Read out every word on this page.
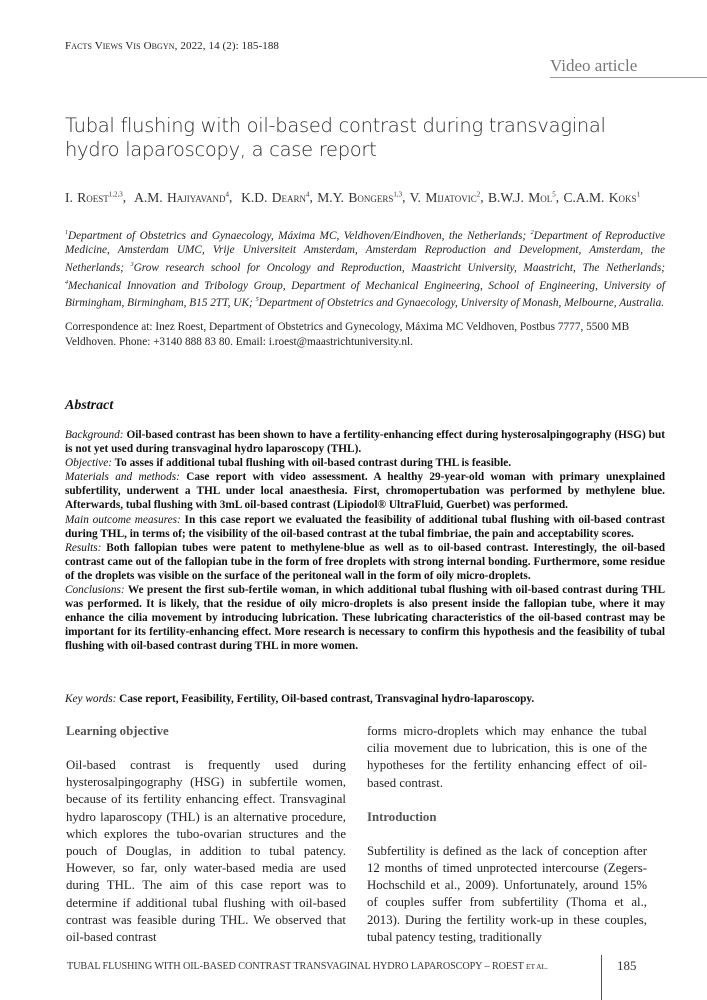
Facts Views Vis Obgyn, 2022, 14 (2): 185-188
Video article
Tubal flushing with oil-based contrast during transvaginal hydro laparoscopy, a case report
I. Roest$^{1,2,3}$,  A.M. Hajiyavand$^4$,  K.D. Dearn$^4$, M.Y. Bongers$^{1,3}$, V. Mijatovic$^2$, B.W.J. Mol$^5$, C.A.M. Koks$^1$
$^1$Department of Obstetrics and Gynaecology, Máxima MC, Veldhoven/Eindhoven, the Netherlands; $^2$Department of Reproductive Medicine, Amsterdam UMC, Vrije Universiteit Amsterdam, Amsterdam Reproduction and Development, Amsterdam, the Netherlands; $^3$Grow research school for Oncology and Reproduction, Maastricht University, Maastricht, The Netherlands; $^4$Mechanical Innovation and Tribology Group, Department of Mechanical Engineering, School of Engineering, University of Birmingham, Birmingham, B15 2TT, UK; $^5$Department of Obstetrics and Gynaecology, University of Monash, Melbourne, Australia.
Correspondence at: Inez Roest, Department of Obstetrics and Gynecology, Máxima MC Veldhoven, Postbus 7777, 5500 MB Veldhoven. Phone: +3140 888 83 80. Email: i.roest@maastrichtuniversity.nl.
Abstract

Background: Oil-based contrast has been shown to have a fertility-enhancing effect during hysterosalpingography (HSG) but is not yet used during transvaginal hydro laparoscopy (THL).

Objective: To asses if additional tubal flushing with oil-based contrast during THL is feasible.

Materials and methods: Case report with video assessment. A healthy 29-year-old woman with primary unexplained subfertility, underwent a THL under local anaesthesia. First, chromopertubation was performed by methylene blue. Afterwards, tubal flushing with 3mL oil-based contrast (Lipiodol® UltraFluid, Guerbet) was performed.

Main outcome measures: In this case report we evaluated the feasibility of additional tubal flushing with oil-based contrast during THL, in terms of; the visibility of the oil-based contrast at the tubal fimbriae, the pain and acceptability scores.

Results: Both fallopian tubes were patent to methylene-blue as well as to oil-based contrast. Interestingly, the oil-based contrast came out of the fallopian tube in the form of free droplets with strong internal bonding. Furthermore, some residue of the droplets was visible on the surface of the peritoneal wall in the form of oily micro-droplets.

Conclusions: We present the first sub-fertile woman, in which additional tubal flushing with oil-based contrast during THL was performed. It is likely, that the residue of oily micro-droplets is also present inside the fallopian tube, where it may enhance the cilia movement by introducing lubrication. These lubricating characteristics of the oil-based contrast may be important for its fertility-enhancing effect. More research is necessary to confirm this hypothesis and the feasibility of tubal flushing with oil-based contrast during THL in more women.

Key words: Case report, Feasibility, Fertility, Oil-based contrast, Transvaginal hydro-laparoscopy.
Learning objective

Oil-based contrast is frequently used during hysterosalpingography (HSG) in subfertile women, because of its fertility enhancing effect. Transvaginal hydro laparoscopy (THL) is an alternative procedure, which explores the tubo-ovarian structures and the pouch of Douglas, in addition to tubal patency. However, so far, only water-based media are used during THL. The aim of this case report was to determine if additional tubal flushing with oil-based contrast was feasible during THL. We observed that oil-based contrast

forms micro-droplets which may enhance the tubal cilia movement due to lubrication, this is one of the hypotheses for the fertility enhancing effect of oil-based contrast.

Introduction

Subfertility is defined as the lack of conception after 12 months of timed unprotected intercourse (Zegers-Hochschild et al., 2009). Unfortunately, around 15% of couples suffer from subfertility (Thoma et al., 2013). During the fertility work-up in these couples, tubal patency testing, traditionally

TUBAL FLUSHING WITH OIL-BASED CONTRAST TRANSVAGINAL HYDRO LAPAROSCOPY – ROEST ET AL.	185
